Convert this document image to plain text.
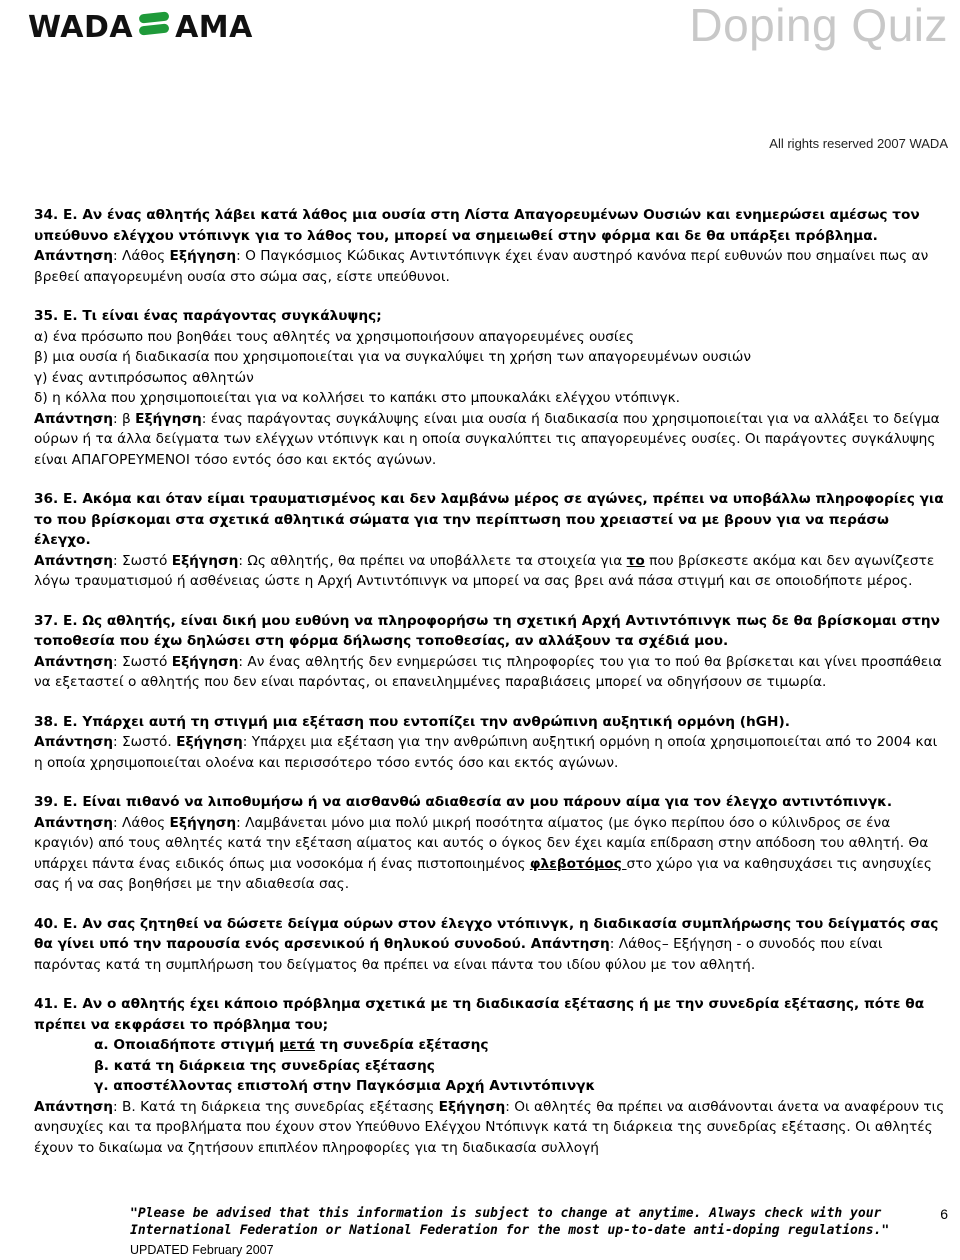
WADA AMA	Doping Quiz
All rights reserved 2007 WADA
34. Ε. Αν ένας αθλητής λάβει κατά λάθος μια ουσία στη Λίστα Απαγορευμένων Ουσιών και ενημερώσει αμέσως τον υπεύθυνο ελέγχου ντόπινγκ για το λάθος του, μπορεί να σημειωθεί στην φόρμα και δε θα υπάρξει πρόβλημα. Απάντηση: Λάθος Εξήγηση: Ο Παγκόσμιος Κώδικας Αντιντόπινγκ έχει έναν αυστηρό κανόνα περί ευθυνών που σημαίνει πως αν βρεθεί απαγορευμένη ουσία στο σώμα σας, είστε υπεύθυνοι.
35. Ε. Τι είναι ένας παράγοντας συγκάλυψης;
α) ένα πρόσωπο που βοηθάει τους αθλητές να χρησιμοποιήσουν απαγορευμένες ουσίες
β) μια ουσία ή διαδικασία που χρησιμοποιείται για να συγκαλύψει τη χρήση των απαγορευμένων ουσιών
γ) ένας αντιπρόσωπος αθλητών
δ) η κόλλα που χρησιμοποιείται για να κολλήσει το καπάκι στο μπουκαλάκι ελέγχου ντόπινγκ.
Απάντηση: β Εξήγηση: ένας παράγοντας συγκάλυψης είναι μια ουσία ή διαδικασία που χρησιμοποιείται για να αλλάξει το δείγμα ούρων ή τα άλλα δείγματα των ελέγχων ντόπινγκ και η οποία συγκαλύπτει τις απαγορευμένες ουσίες. Οι παράγοντες συγκάλυψης είναι ΑΠΑΓΟΡΕΥΜΕΝΟΙ τόσο εντός όσο και εκτός αγώνων.
36. Ε. Ακόμα και όταν είμαι τραυματισμένος και δεν λαμβάνω μέρος σε αγώνες, πρέπει να υποβάλλω πληροφορίες για το που βρίσκομαι στα σχετικά αθλητικά σώματα για την περίπτωση που χρειαστεί να με βρουν για να περάσω έλεγχο.
Απάντηση: Σωστό Εξήγηση: Ως αθλητής, θα πρέπει να υποβάλλετε τα στοιχεία για το που βρίσκεστε ακόμα και δεν αγωνίζεστε λόγω τραυματισμού ή ασθένειας ώστε η Αρχή Αντιντόπινγκ να μπορεί να σας βρει ανά πάσα στιγμή και σε οποιοδήποτε μέρος.
37. Ε. Ως αθλητής, είναι δική μου ευθύνη να πληροφορήσω τη σχετική Αρχή Αντιντόπινγκ πως δε θα βρίσκομαι στην τοποθεσία που έχω δηλώσει στη φόρμα δήλωσης τοποθεσίας, αν αλλάξουν τα σχέδιά μου.
Απάντηση: Σωστό Εξήγηση: Αν ένας αθλητής δεν ενημερώσει τις πληροφορίες του για το πού θα βρίσκεται και γίνει προσπάθεια να εξεταστεί ο αθλητής που δεν είναι παρόντας, οι επανειλημμένες παραβιάσεις μπορεί να οδηγήσουν σε τιμωρία.
38. Ε. Υπάρχει αυτή τη στιγμή μια εξέταση που εντοπίζει την ανθρώπινη αυξητική ορμόνη (hGH).
Απάντηση: Σωστό. Εξήγηση: Υπάρχει μια εξέταση για την ανθρώπινη αυξητική ορμόνη η οποία χρησιμοποιείται από το 2004 και η οποία χρησιμοποιείται ολοένα και περισσότερο τόσο εντός όσο και εκτός αγώνων.
39. Ε. Είναι πιθανό να λιποθυμήσω ή να αισθανθώ αδιαθεσία αν μου πάρουν αίμα για τον έλεγχο αντιντόπινγκ. Απάντηση: Λάθος Εξήγηση: Λαμβάνεται μόνο μια πολύ μικρή ποσότητα αίματος (με όγκο περίπου όσο ο κύλινδρος σε ένα κραγιόν) από τους αθλητές κατά την εξέταση αίματος και αυτός ο όγκος δεν έχει καμία επίδραση στην απόδοση του αθλητή. Θα υπάρχει πάντα ένας ειδικός όπως μια νοσοκόμα ή ένας πιστοποιημένος φλεβοτόμος στο χώρο για να καθησυχάσει τις ανησυχίες σας ή να σας βοηθήσει με την αδιαθεσία σας.
40. Ε. Αν σας ζητηθεί να δώσετε δείγμα ούρων στον έλεγχο ντόπινγκ, η διαδικασία συμπλήρωσης του δείγματός σας θα γίνει υπό την παρουσία ενός αρσενικού ή θηλυκού συνοδού. Απάντηση: Λάθος– Εξήγηση - ο συνοδός που είναι παρόντας κατά τη συμπλήρωση του δείγματος θα πρέπει να είναι πάντα του ιδίου φύλου με τον αθλητή.
41. Ε. Αν ο αθλητής έχει κάποιο πρόβλημα σχετικά με τη διαδικασία εξέτασης ή με την συνεδρία εξέτασης, πότε θα πρέπει να εκφράσει το πρόβλημα του;
α. Οποιαδήποτε στιγμή μετά τη συνεδρία εξέτασης
β. κατά τη διάρκεια της συνεδρίας εξέτασης
γ. αποστέλλοντας επιστολή στην Παγκόσμια Αρχή Αντιντόπινγκ
Απάντηση: Β. Κατά τη διάρκεια της συνεδρίας εξέτασης Εξήγηση: Οι αθλητές θα πρέπει να αισθάνονται άνετα να αναφέρουν τις ανησυχίες και τα προβλήματα που έχουν στον Υπεύθυνο Ελέγχου Ντόπινγκ κατά τη διάρκεια της συνεδρίας εξέτασης. Οι αθλητές έχουν το δικαίωμα να ζητήσουν επιπλέον πληροφορίες για τη διαδικασία συλλογή
"Please be advised that this information is subject to change at anytime. Always check with your International Federation or National Federation for the most up-to-date anti-doping regulations."
6
UPDATED February 2007
